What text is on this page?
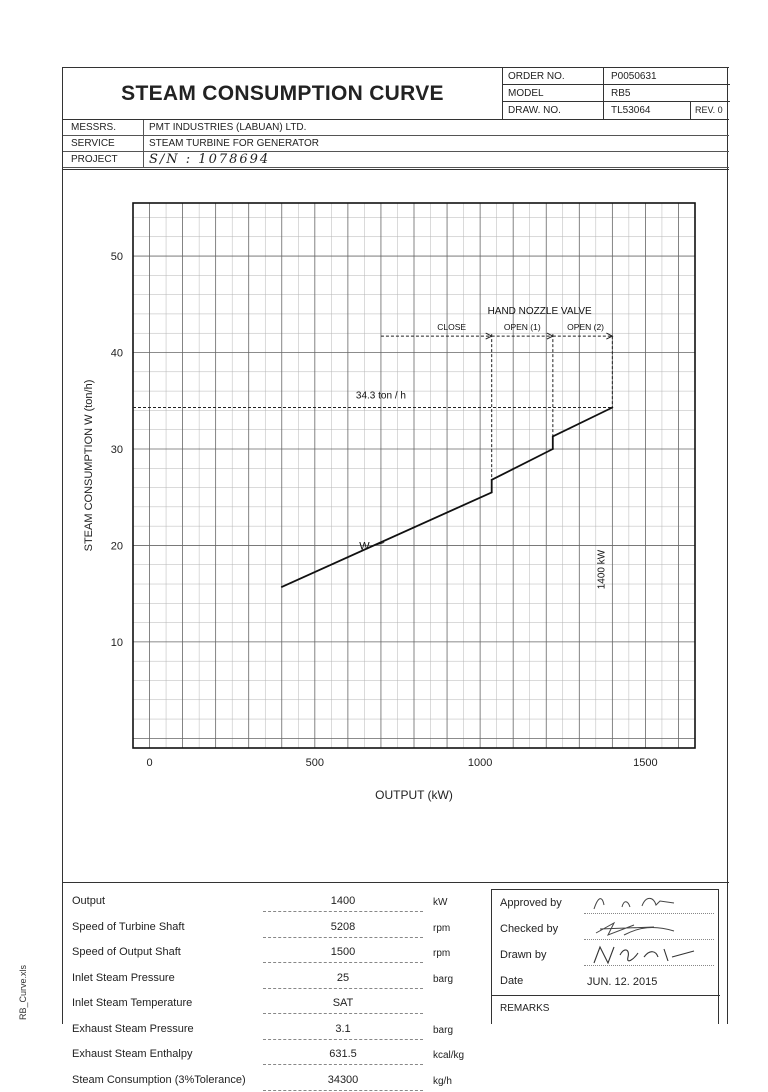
RB_Curve.xls
STEAM CONSUMPTION CURVE
ORDER NO.	P0050631
MODEL	RB5
DRAW. NO.	TL53064	REV. 0
MESSRS.	PMT INDUSTRIES (LABUAN) LTD.
SERVICE	STEAM TURBINE FOR GENERATOR
PROJECT	S/N : 1078694
0	500	1000	1500
10
20
30
40
50
OUTPUT (kW)
STEAM CONSUMPTION W (ton/h)	34.3 ton / h
HAND NOZZLE VALVE
CLOSE	OPEN (1)	OPEN (2)
1400 kW
W
Output	1400	kW
Speed of Turbine Shaft	5208	rpm
Speed of Output Shaft	1500	rpm
Inlet Steam Pressure	25	barg
Inlet Steam Temperature	SAT
Exhaust Steam Pressure	3.1	barg
Exhaust Steam Enthalpy	631.5	kcal/kg
Steam Consumption (3%Tolerance)	34300	kg/h
Approved by
Checked by
Drawn by
Date	JUN. 12. 2015
REMARKS
